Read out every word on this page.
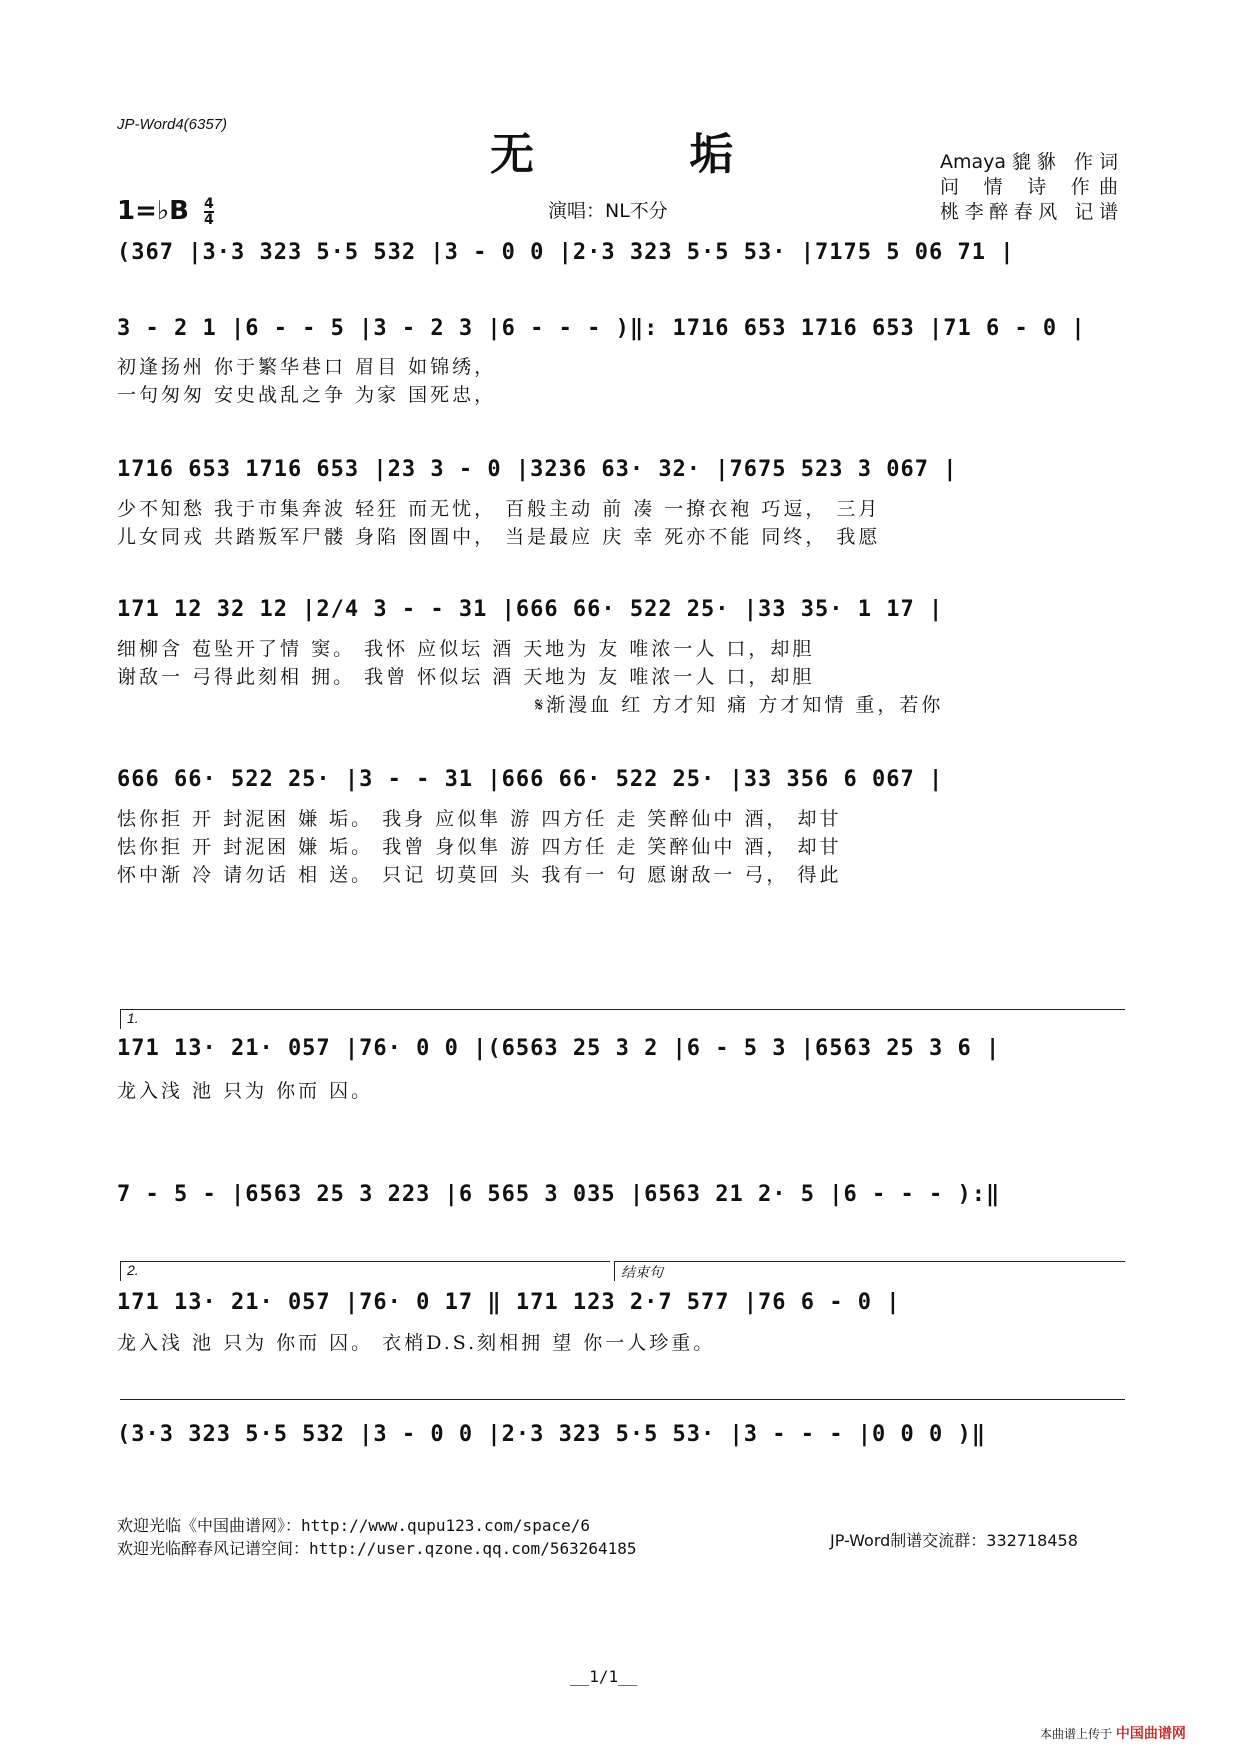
JP-Word4(6357)
无 垢	Amaya貔貅 作词
问 情 诗 作曲
桃李醉春风 记谱
1=♭B $\frac{4}{4}$	演唱：NL不分
(367 |3·3 323 5·5 532 |3 - 0 0 |2·3 323 5·5 53· |7175 5 06 71 |
3 - 2 1 |6 - - 5 |3 - 2 3 |6 - - - )‖: 1716 653 1716 653 |71 6 - 0 |
初逢扬州 你于繁华巷口 眉目 如锦绣，
一句匆匆 安史战乱之争 为家 国死忠，
1716 653 1716 653 |23 3 - 0 |3236 63· 32· |7675 523 3 067 |
少不知愁 我于市集奔波 轻狂 而无忧， 百般主动 前 凑 一撩衣袍 巧逗， 三月
儿女同戎 共踏叛军尸髅 身陷 囹圄中， 当是最应 庆 幸 死亦不能 同终， 我愿
171 12 32 12 |2/4 3 - - 31 |666 66· 522 25· |33 35· 1 17 |
细柳含 苞坠开了情 窦。 我怀 应似坛 酒 天地为 友 唯浓一人 口，却胆
谢敌一 弓得此刻相 拥。 我曾 怀似坛 酒 天地为 友 唯浓一人 口，却胆
𝄋渐漫血 红 方才知 痛 方才知情 重，若你
666 66· 522 25· |3 - - 31 |666 66· 522 25· |33 356 6 067 |
怯你拒 开 封泥困 嫌 垢。 我身 应似隼 游 四方任 走 笑醉仙中 酒， 却甘
怯你拒 开 封泥困 嫌 垢。 我曾 身似隼 游 四方任 走 笑醉仙中 酒， 却甘
怀中渐 冷 请勿话 相 送。 只记 切莫回 头 我有一 句 愿谢敌一 弓， 得此
1.
171 13· 21· 057 |76· 0 0 |(6563 25 3 2 |6 - 5 3 |6563 25 3 6 |
龙入浅 池 只为 你而 囚。
7 - 5 - |6563 25 3 223 |6 565 3 035 |6563 21 2· 5 |6 - - - ):‖
2.	结束句
171 13· 21· 057 |76· 0 17 ‖ 171 123 2·7 577 |76 6 - 0 |
龙入浅 池 只为 你而 囚。 衣梢D.S.刻相拥 望 你一人珍重。
(3·3 323 5·5 532 |3 - 0 0 |2·3 323 5·5 53· |3 - - - |0 0 0 )‖
欢迎光临《中国曲谱网》：http://www.qupu123.com/space/6
欢迎光临醉春风记谱空间：http://user.qzone.qq.com/563264185	JP-Word制谱交流群：332718458
__1/1__
本曲谱上传于 中国曲谱网
